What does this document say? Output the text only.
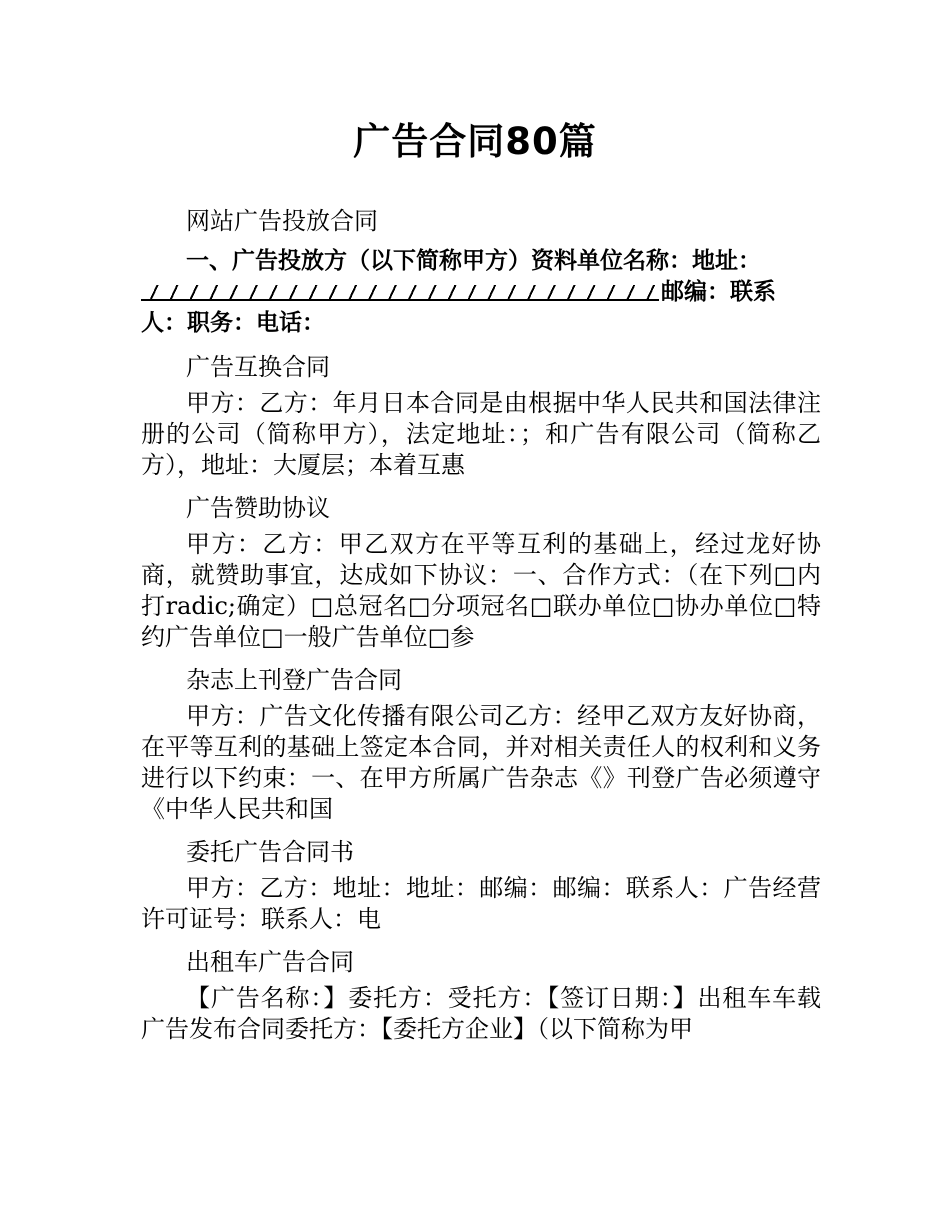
广告合同80篇

网站广告投放合同

一、广告投放方（以下简称甲方）资料单位名称：地址：
邮编：联系人：职务：电话：

广告互换合同

甲方：乙方：年月日本合同是由根据中华人民共和国法律注册的公司（简称甲方），法定地址：；和广告有限公司（简称乙方），地址：大厦层；本着互惠

广告赞助协议

甲方：乙方：甲乙双方在平等互利的基础上，经过龙好协商，就赞助事宜，达成如下协议：一、合作方式：（在下列□内打radic;确定）□总冠名□分项冠名□联办单位□协办单位□特约广告单位□一般广告单位□参

杂志上刊登广告合同

甲方：广告文化传播有限公司乙方：经甲乙双方友好协商，在平等互利的基础上签定本合同，并对相关责任人的权利和义务进行以下约束：一、在甲方所属广告杂志《》刊登广告必须遵守《中华人民共和国

委托广告合同书

甲方：乙方：地址：地址：邮编：邮编：联系人：广告经营许可证号：联系人：电

出租车广告合同

【广告名称：】委托方：受托方：【签订日期：】出租车车载广告发布合同委托方：【委托方企业】（以下简称为甲
